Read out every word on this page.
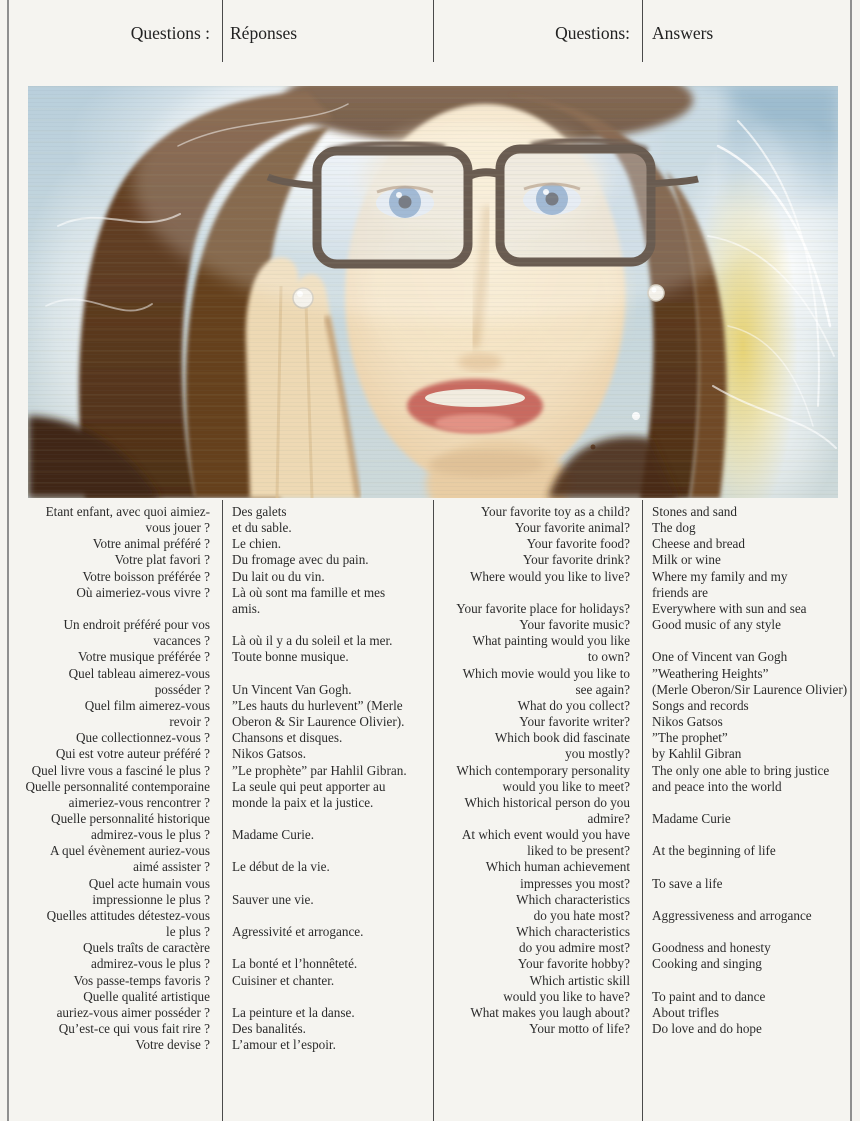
Questions : Réponses	Questions: Answers
Etant enfant, avec quoi aimiez-
vous jouer ?
Votre animal préféré ?
Votre plat favori ?
Votre boisson préférée ?
Où aimeriez-vous vivre ?

Un endroit préféré pour vos
vacances ?
Votre musique préférée ?
Quel tableau aimerez-vous
posséder ?
Quel film aimerez-vous
revoir ?
Que collectionnez-vous ?
Qui est votre auteur préféré ?
Quel livre vous a fasciné le plus ?
Quelle personnalité contemporaine
aimeriez-vous rencontrer ?
Quelle personnalité historique
admirez-vous le plus ?
A quel évènement auriez-vous
aimé assister ?
Quel acte humain vous
impressionne le plus ?
Quelles attitudes détestez-vous
le plus ?
Quels traîts de caractère
admirez-vous le plus ?
Vos passe-temps favoris ?
Quelle qualité artistique
auriez-vous aimer posséder ?
Qu’est-ce qui vous fait rire ?
Votre devise ?
Des galets
et du sable.
Le chien.
Du fromage avec du pain.
Du lait ou du vin.
Là où sont ma famille et mes
amis.

Là où il y a du soleil et la mer.
Toute bonne musique.

Un Vincent Van Gogh.
”Les hauts du hurlevent” (Merle
Oberon & Sir Laurence Olivier).
Chansons et disques.
Nikos Gatsos.
”Le prophète” par Hahlil Gibran.
La seule qui peut apporter au
monde la paix et la justice.

Madame Curie.

Le début de la vie.

Sauver une vie.

Agressivité et arrogance.

La bonté et l’honnêteté.
Cuisiner et chanter.

La peinture et la danse.
Des banalités.
L’amour et l’espoir.
Your favorite toy as a child?
Your favorite animal?
Your favorite food?
Your favorite drink?
Where would you like to live?

Your favorite place for holidays?
Your favorite music?
What painting would you like
to own?
Which movie would you like to
see again?
What do you collect?
Your favorite writer?
Which book did fascinate
you mostly?
Which contemporary personality
would you like to meet?
Which historical person do you
admire?
At which event would you have
liked to be present?
Which human achievement
impresses you most?
Which characteristics
do you hate most?
Which characteristics
do you admire most?
Your favorite hobby?
Which artistic skill
would you like to have?
What makes you laugh about?
Your motto of life?
Stones and sand
The dog
Cheese and bread
Milk or wine
Where my family and my
friends are
Everywhere with sun and sea
Good music of any style

One of Vincent van Gogh
”Weathering Heights”
(Merle Oberon/Sir Laurence Olivier)
Songs and records
Nikos Gatsos
”The prophet”
by Kahlil Gibran
The only one able to bring justice
and peace into the world

Madame Curie

At the beginning of life

To save a life

Aggressiveness and arrogance

Goodness and honesty
Cooking and singing

To paint and to dance
About trifles
Do love and do hope
